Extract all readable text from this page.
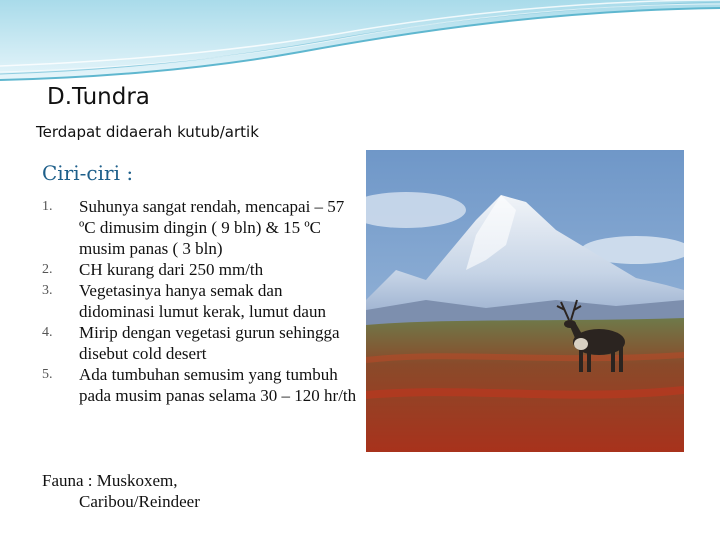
D.Tundra
Terdapat didaerah kutub/artik
Ciri-ciri :
1. Suhunya sangat rendah, mencapai – 57 ºC dimusim dingin ( 9 bln) & 15 ºC musim panas ( 3 bln)
2. CH kurang dari 250 mm/th
3. Vegetasinya hanya semak dan didominasi lumut kerak, lumut daun
4. Mirip dengan vegetasi gurun sehingga disebut cold desert
5. Ada tumbuhan semusim yang tumbuh pada musim panas selama 30 – 120 hr/th
Fauna : Muskoxem,
Caribou/Reindeer
